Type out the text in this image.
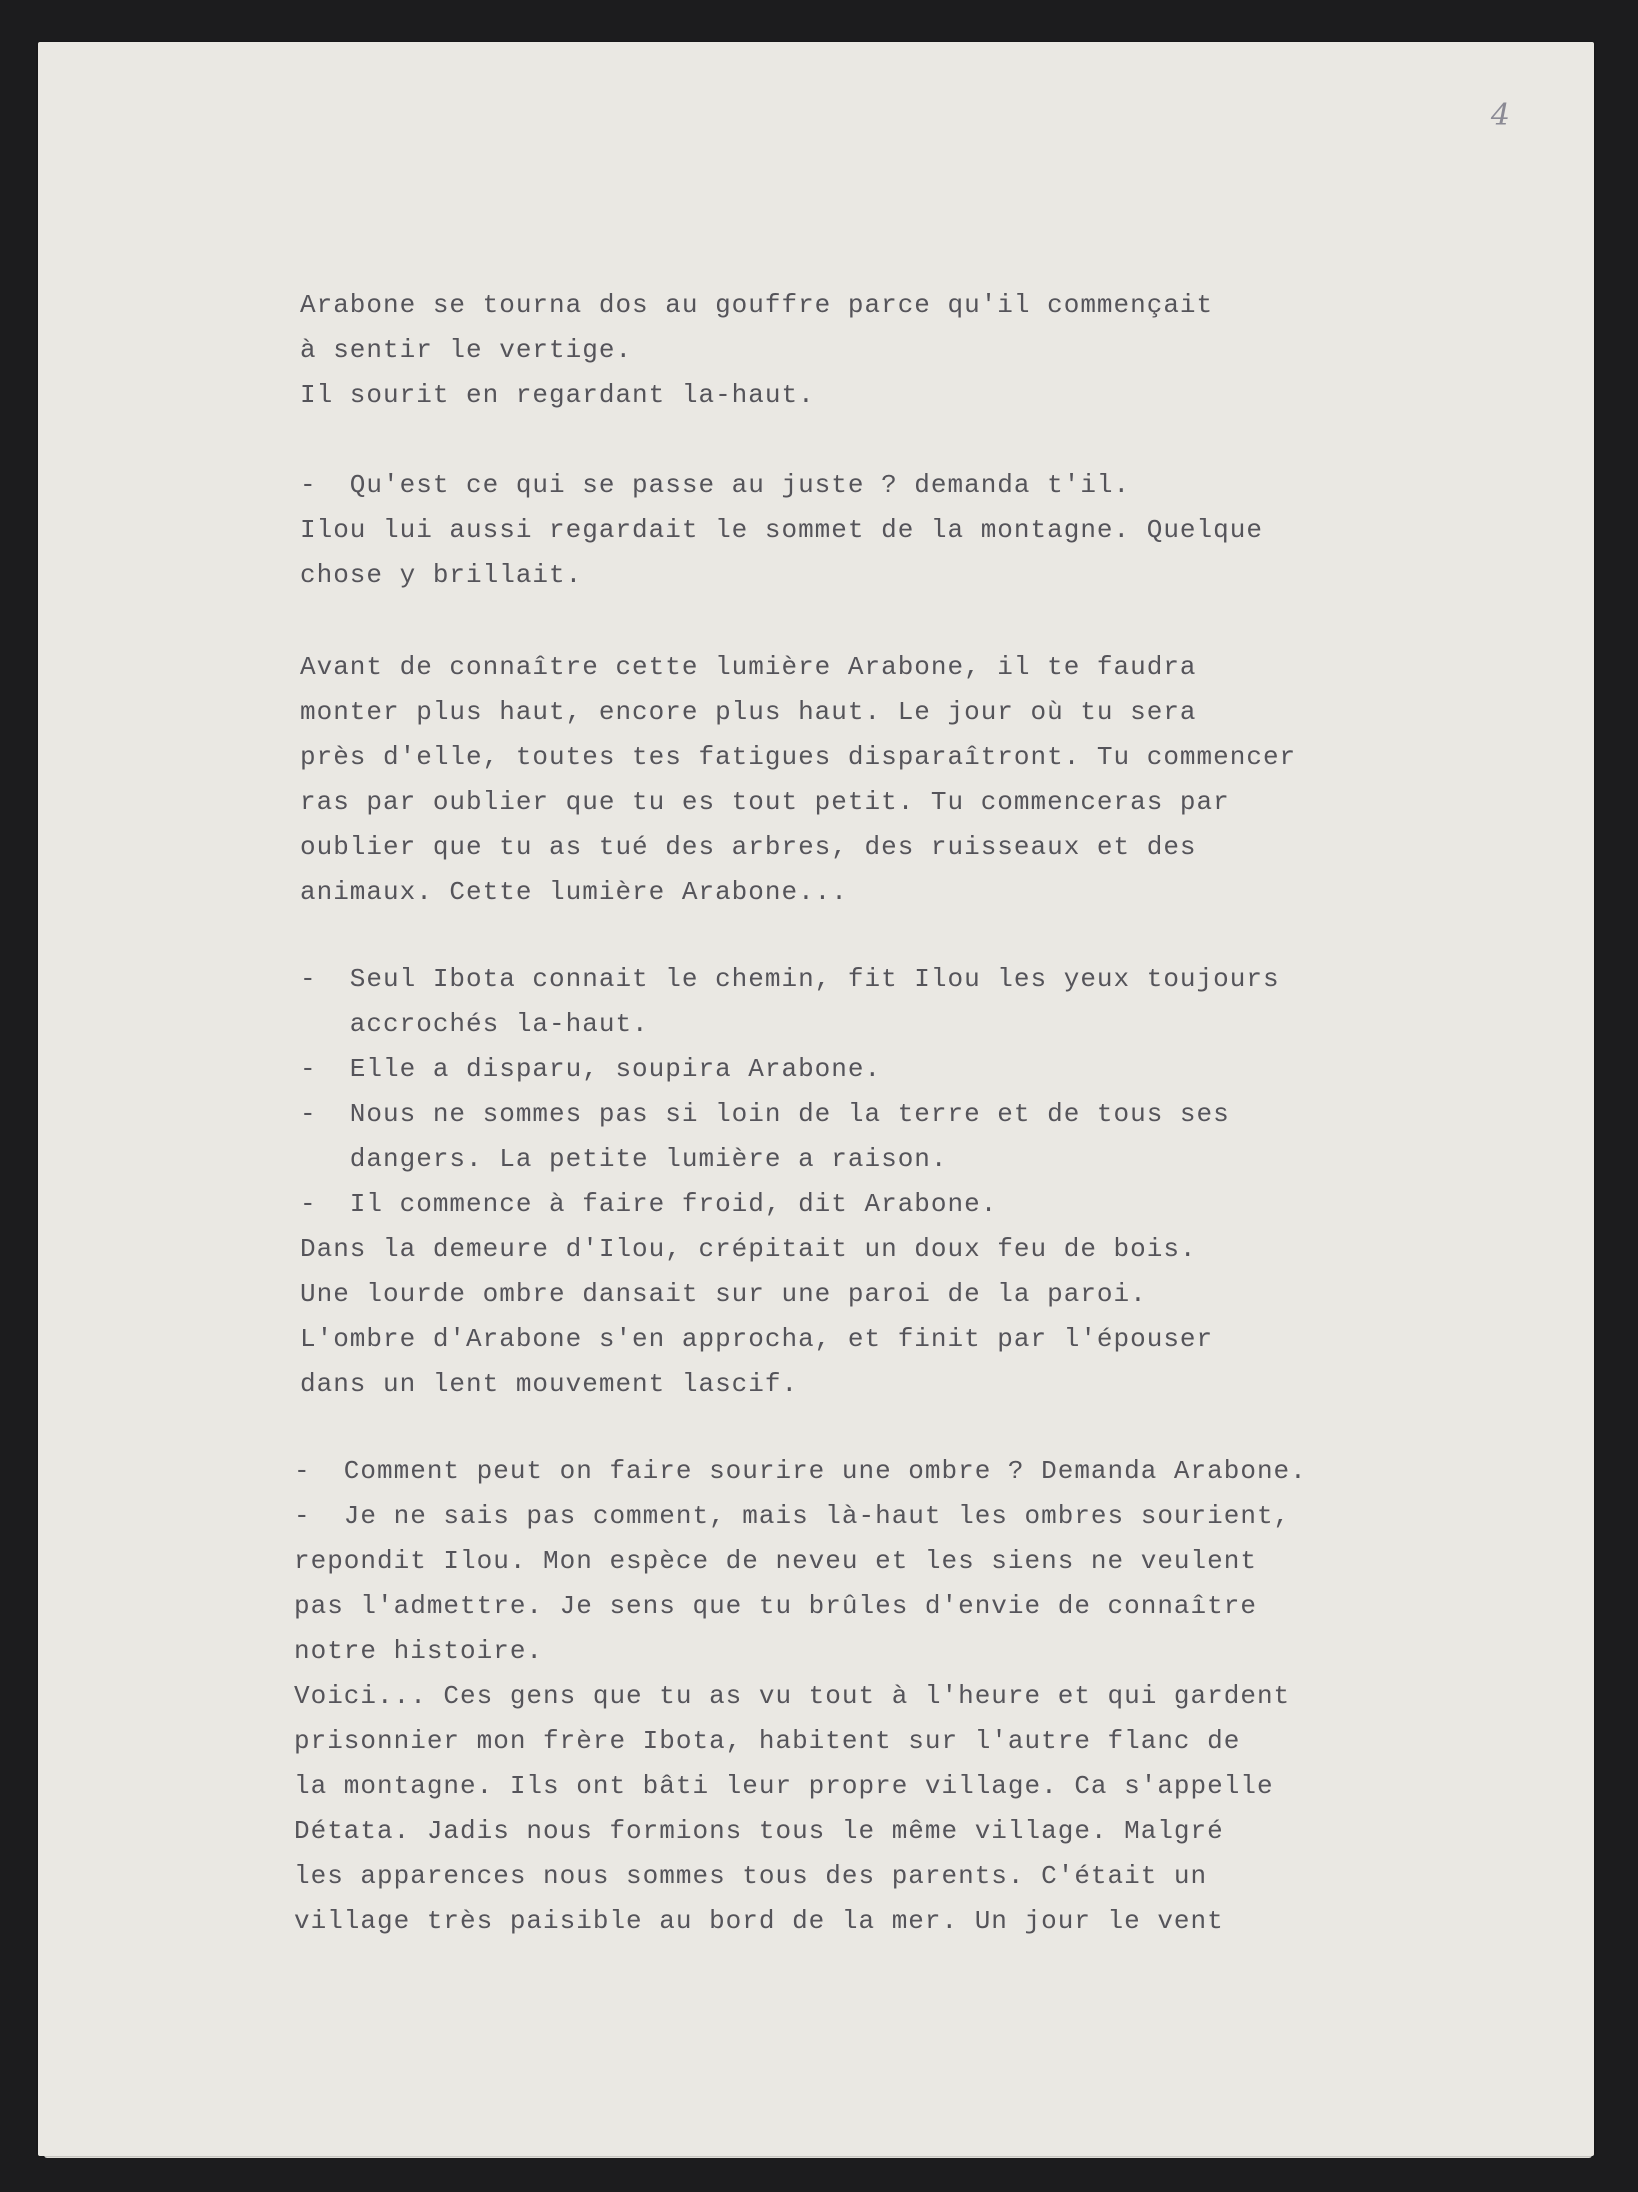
4
Arabone se tourna dos au gouffre parce qu'il commençait
à sentir le vertige.
Il sourit en regardant la-haut.
-  Qu'est ce qui se passe au juste ? demanda t'il.
Ilou lui aussi regardait le sommet de la montagne. Quelque
chose y brillait.
Avant de connaître cette lumière Arabone, il te faudra
monter plus haut, encore plus haut. Le jour où tu sera
près d'elle, toutes tes fatigues disparaîtront. Tu commencer
ras par oublier que tu es tout petit. Tu commenceras par
oublier que tu as tué des arbres, des ruisseaux et des
animaux. Cette lumière Arabone...
-  Seul Ibota connait le chemin, fit Ilou les yeux toujours
accrochés la-haut.
-  Elle a disparu, soupira Arabone.
-  Nous ne sommes pas si loin de la terre et de tous ses
dangers. La petite lumière a raison.
-  Il commence à faire froid, dit Arabone.
Dans la demeure d'Ilou, crépitait un doux feu de bois.
Une lourde ombre dansait sur une paroi de la paroi.
L'ombre d'Arabone s'en approcha, et finit par l'épouser
dans un lent mouvement lascif.
-  Comment peut on faire sourire une ombre ? Demanda Arabone.
-  Je ne sais pas comment, mais là-haut les ombres sourient,
repondit Ilou. Mon espèce de neveu et les siens ne veulent
pas l'admettre. Je sens que tu brûles d'envie de connaître
notre histoire.
Voici... Ces gens que tu as vu tout à l'heure et qui gardent
prisonnier mon frère Ibota, habitent sur l'autre flanc de
la montagne. Ils ont bâti leur propre village. Ca s'appelle
Détata. Jadis nous formions tous le même village. Malgré
les apparences nous sommes tous des parents. C'était un
village très paisible au bord de la mer. Un jour le vent
